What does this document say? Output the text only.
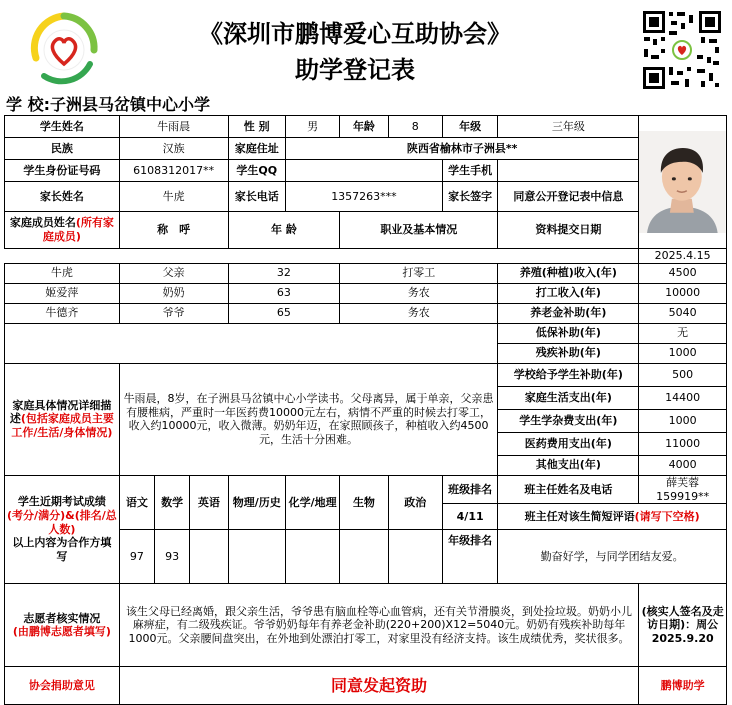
《深圳市鹏博爱心互助协会》
助学登记表
学 校:子洲县马岔镇中心小学
学生姓名	牛雨晨			性 别	男	年龄	8	年级	三年级	

民族	汉族			家庭住址	陕西省榆林市子洲县**					
学生身份证号码	6108312017**			学生QQ				学生手机		
家长姓名	牛虎			家长电话	1357263***			家长签字	同意公开登记表中信息	
家庭成员姓名(所有家庭成员)	称　呼			年 龄		职业及基本情况			资料提交日期	
										2025.4.15
牛虎	父亲			32		打零工			养殖(种植)收入(年)	4500
姬爱萍	奶奶			63		务农			打工收入(年)	10000
牛德齐	爷爷			65		务农			养老金补助(年)	5040
									低保补助(年)	无
									残疾补助(年)	1000
家庭具体情况详细描述(包括家庭成员主要工作/生活/身体情况)	牛雨晨，8岁，在子洲县马岔镇中心小学读书。父母离异，属于单亲，父亲患有腰椎病，严重时一年医药费10000元左右，病情不严重的时候去打零工，收入约10000元，收入微薄。奶奶年迈，在家照顾孩子，种植收入约4500元，生活十分困难。								学校给予学生补助(年)	500
									家庭生活支出(年)	14400
									学生学杂费支出(年)	1000
									医药费用支出(年)	11000
									其他支出(年)	4000
学生近期考试成绩
(考分/满分)&(排名/总人数)
以上内容为合作方填写	语文	数学	英语	物理/历史	化学/地理	生物	政治	班级排名	班主任姓名及电话	薛芙蓉159919**
								4/11	班主任对该生简短评语(请写下空格)	
	97	93						年级排名	勤奋好学，与同学团结友爱。	
志愿者核实情况
(由鹏博志愿者填写)	该生父母已经离婚，跟父亲生活，爷爷患有脑血栓等心血管病，还有关节滑膜炎，到处捡垃圾。奶奶小儿麻痹症，有二级残疾证。爷爷奶奶每年有养老金补助(220+200)X12=5040元。奶奶有残疾补助每年1000元。父亲腰间盘突出，在外地到处漂泊打零工，对家里没有经济支持。该生成绩优秀，奖状很多。									(核实人签名及走访日期)：周公 2025.9.20
协会捐助意见	同意发起资助									鹏博助学
